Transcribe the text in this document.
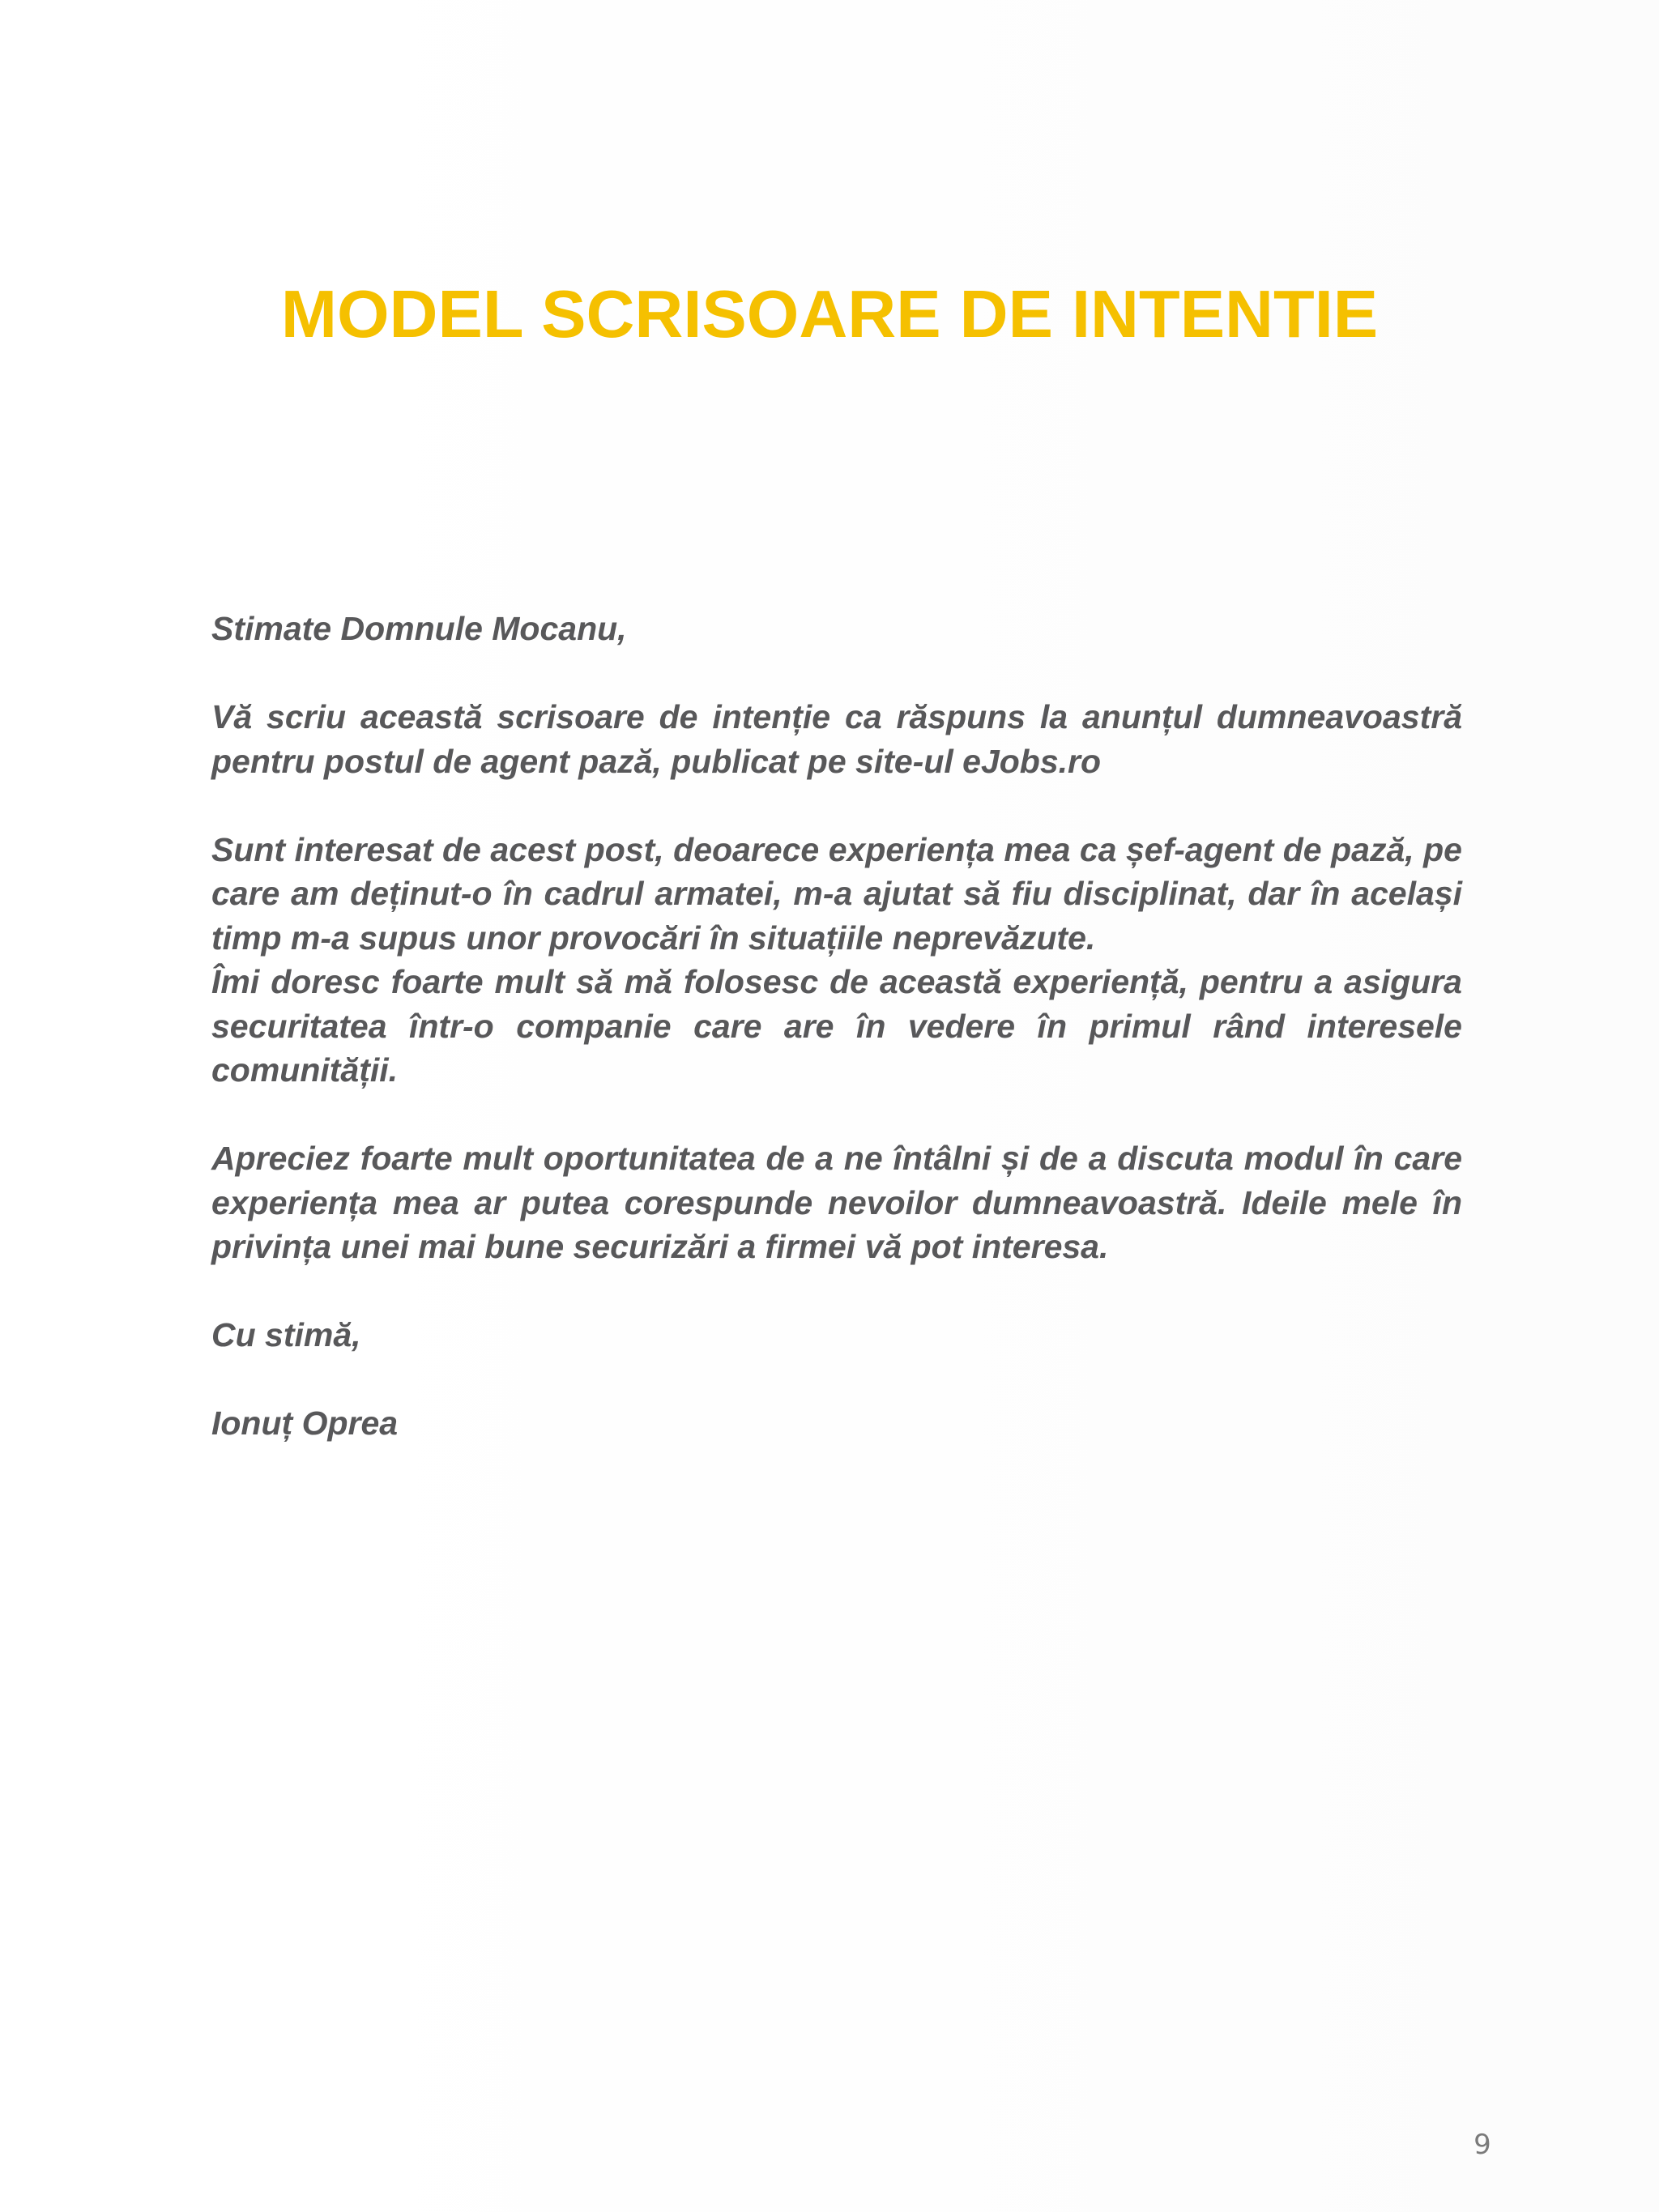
MODEL SCRISOARE DE INTENTIE

Stimate Domnule Mocanu,

Vă scriu această scrisoare de intenție ca răspuns la anunțul dumneavoastră pentru postul de agent pază, publicat pe site-ul eJobs.ro

Sunt interesat de acest post, deoarece experiența mea ca șef-agent de pază, pe care am deținut-o în cadrul armatei, m-a ajutat să fiu disciplinat, dar în același timp m-a supus unor provocări în situațiile neprevăzute.

Îmi doresc foarte mult să mă folosesc de această experiență, pentru a asigura securitatea într-o companie care are în vedere în primul rând interesele comunității.

Apreciez foarte mult oportunitatea de a ne întâlni și de a discuta modul în care experiența mea ar putea corespunde nevoilor dumneavoastră. Ideile mele în privința unei mai bune securizări a firmei vă pot interesa.

Cu stimă,

Ionuț Oprea

9
